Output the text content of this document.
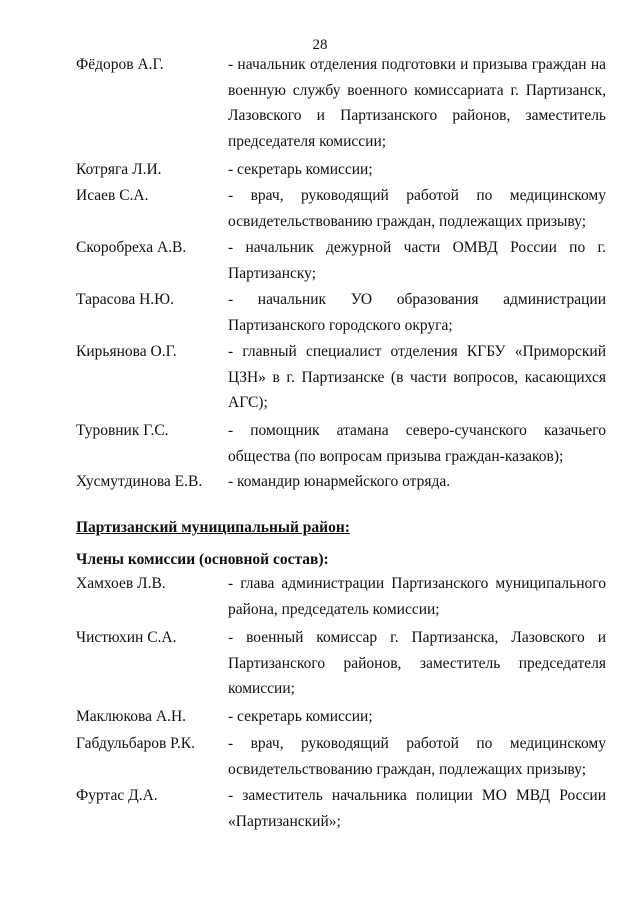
28
Фёдоров А.Г.	- начальник отделения подготовки и призыва граждан на военную службу военного комиссариата г. Партизанск, Лазовского и Партизанского районов, заместитель председателя комиссии;
Котряга Л.И.	- секретарь комиссии;
Исаев С.А.	- врач, руководящий работой по медицинскому освидетельствованию граждан, подлежащих призыву;
Скоробреха А.В.	- начальник дежурной части ОМВД России по г. Партизанску;
Тарасова Н.Ю.	- начальник УО образования администрации Партизанского городского округа;
Кирьянова О.Г.	- главный специалист отделения КГБУ «Приморский ЦЗН» в г. Партизанске (в части вопросов, касающихся АГС);
Туровник Г.С.	- помощник атамана северо-сучанского казачьего общества (по вопросам призыва граждан-казаков);
Хусмутдинова Е.В.	- командир юнармейского отряда.
Партизанский муниципальный район:
Члены комиссии (основной состав):
Хамхоев Л.В.	- глава администрации Партизанского муниципального района, председатель комиссии;
Чистюхин С.А.	- военный комиссар г. Партизанска, Лазовского и Партизанского районов, заместитель председателя комиссии;
Маклюкова А.Н.	- секретарь комиссии;
Габдульбаров Р.К.	- врач, руководящий работой по медицинскому освидетельствованию граждан, подлежащих призыву;
Фуртас Д.А.	- заместитель начальника полиции МО МВД России «Партизанский»;
